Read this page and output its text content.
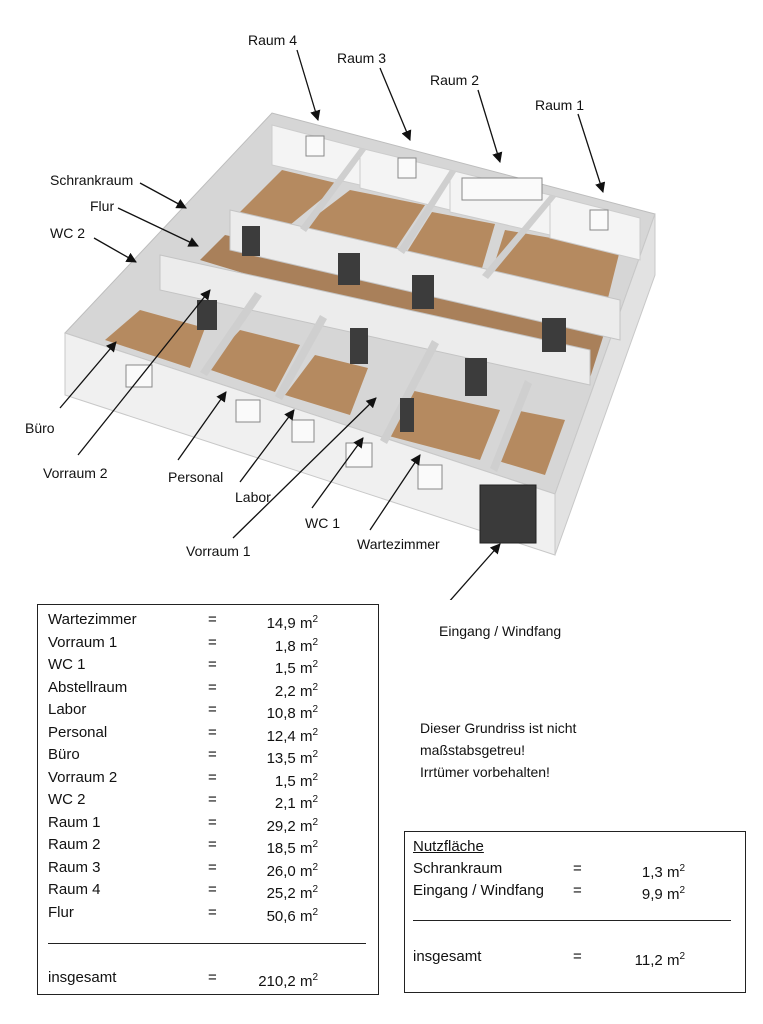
Raum 4
Raum 3
Raum 2
Raum 1
Schrankraum
Flur
WC 2
Büro
Vorraum 2	Personal
Labor
Vorraum 1
WC 1
Wartezimmer
Eingang / Windfang
Wartezimmer	=	14,9 $m^2$
Vorraum 1	=	1,8 $m^2$
WC 1	=	1,5 $m^2$
Abstellraum	=	2,2 $m^2$
Labor	=	10,8 $m^2$
Personal	=	12,4 $m^2$
Büro	=	13,5 $m^2$
Vorraum 2	=	1,5 $m^2$
WC 2	=	2,1 $m^2$
Raum 1	=	29,2 $m^2$
Raum 2	=	18,5 $m^2$
Raum 3	=	26,0 $m^2$
Raum 4	=	25,2 $m^2$
Flur	=	50,6 $m^2$
insgesamt	=	210,2 $m^2$
Dieser Grundriss ist nicht
maßstabsgetreu!
Irrtümer vorbehalten!
Nutzfläche
Schrankraum	=	1,3 $m^2$
Eingang / Windfang =	9,9 $m^2$
insgesamt	=	11,2 $m^2$
